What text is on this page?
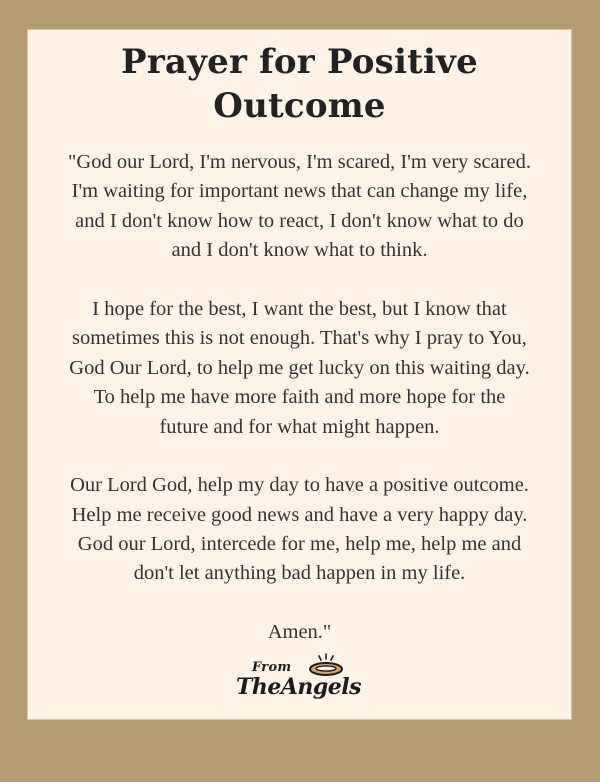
Prayer for Positive
Outcome
"God our Lord, I'm nervous, I'm scared, I'm very scared.
I'm waiting for important news that can change my life,
and I don't know how to react, I don't know what to do
and I don't know what to think.
I hope for the best, I want the best, but I know that
sometimes this is not enough. That's why I pray to You,
God Our Lord, to help me get lucky on this waiting day.
To help me have more faith and more hope for the
future and for what might happen.
Our Lord God, help my day to have a positive outcome.
Help me receive good news and have a very happy day.
God our Lord, intercede for me, help me, help me and
don't let anything bad happen in my life.
Amen."
From
TheAngels
